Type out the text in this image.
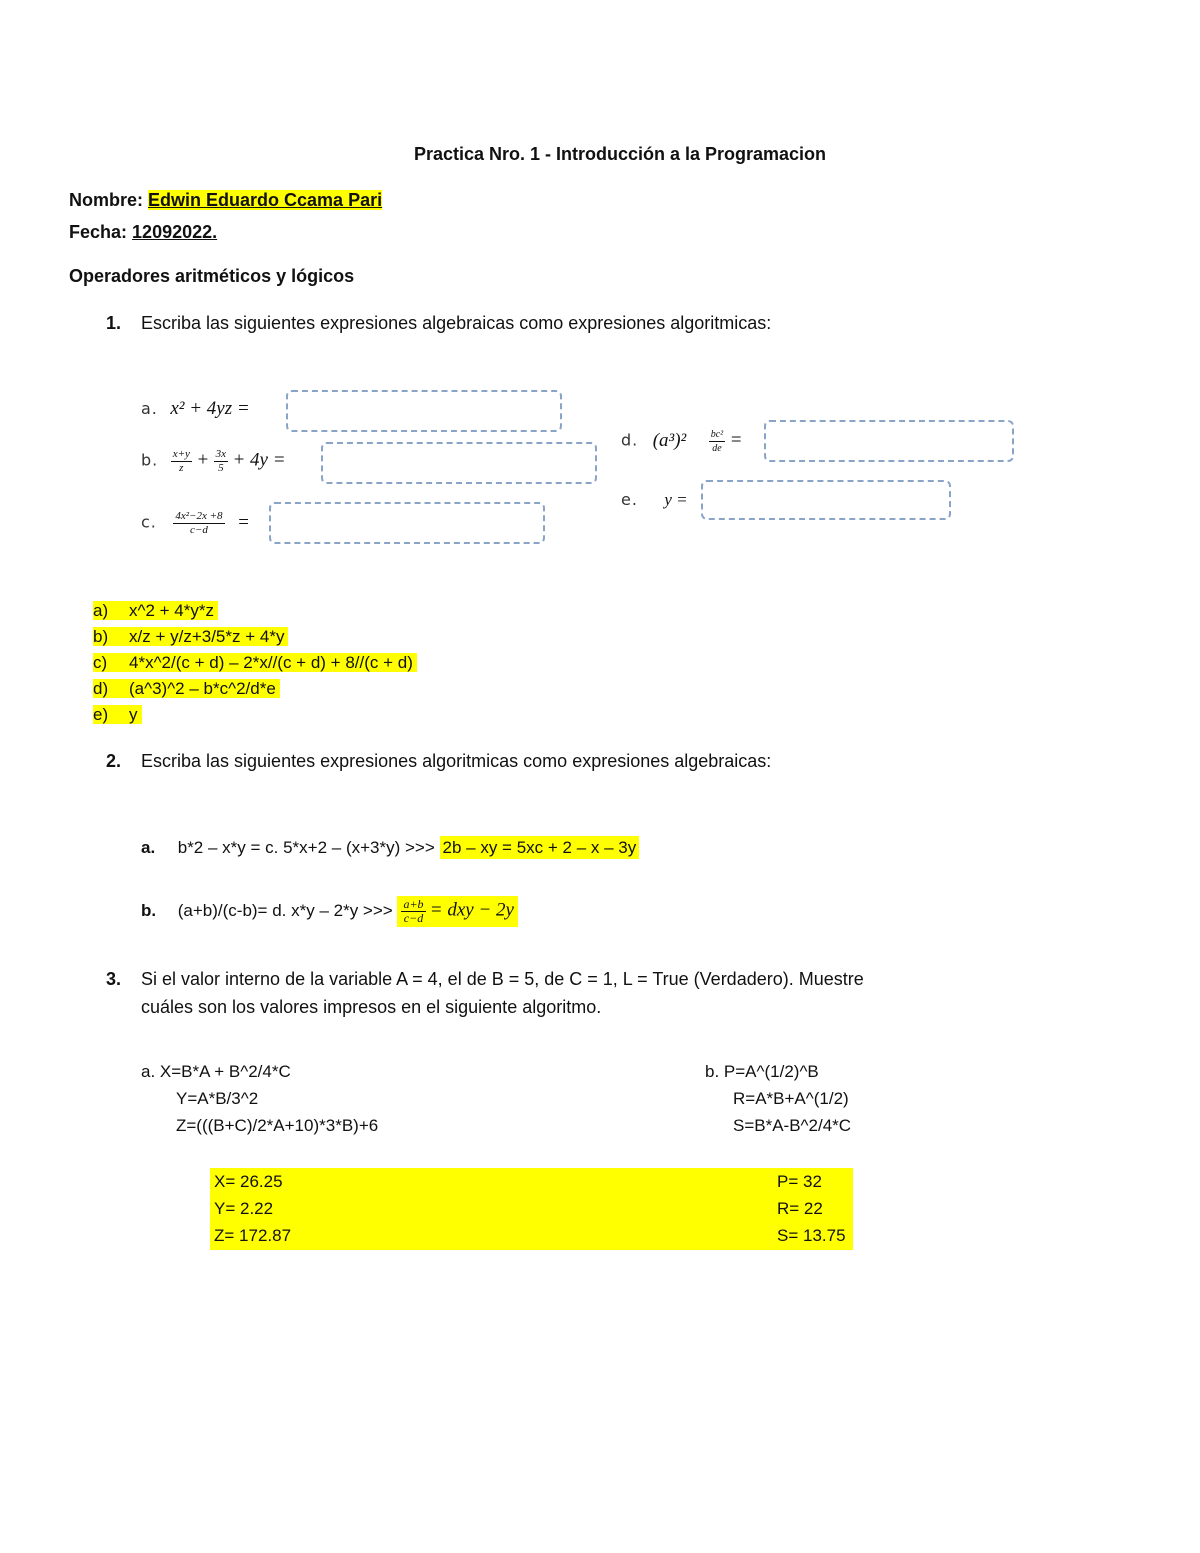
Practica Nro. 1 - Introducción a la Programacion
Nombre: Edwin Eduardo Ccama Pari
Fecha: 12092022.
Operadores aritméticos y lógicos
1. Escriba las siguientes expresiones algebraicas como expresiones algoritmicas:
a. x² + 4yz =
b. $\frac{x+y}{z} + \frac{3x}{5} + 4y$ =
c. $\frac{\text{4x²−2x +8}}{c-d}$ =
d. $(a^3)^2 \frac{\text{bc²}}{de}$ =
e. y =
a) x^2 + 4*y*z
b) x/z + y/z+3/5*z + 4*y
c) 4*x^2/(c + d) – 2*x//(c + d) + 8//(c + d)
d) (a^3)^2 – b*c^2/d*e
e) y
2. Escriba las siguientes expresiones algoritmicas como expresiones algebraicas:
a. b*2 – x*y = c. 5*x+2 – (x+3*y) >>> 2b – xy = 5xc + 2 – x – 3y
b. (a+b)/(c-b)= d. x*y – 2*y >>> $\frac{a+b}{c-d}$ = dxy − 2y
3. Si el valor interno de la variable A = 4, el de B = 5, de C = 1, L = True (Verdadero). Muestre
cuáles son los valores impresos en el siguiente algoritmo.
a. X=B*A + B^2/4*C
Y=A*B/3^2
Z=(((B+C)/2*A+10)*3*B)+6
b. P=A^(1/2)^B
R=A*B+A^(1/2)
S=B*A-B^2/4*C
X= 26.25
Y= 2.22
Z= 172.87
P= 32
R= 22
S= 13.75
